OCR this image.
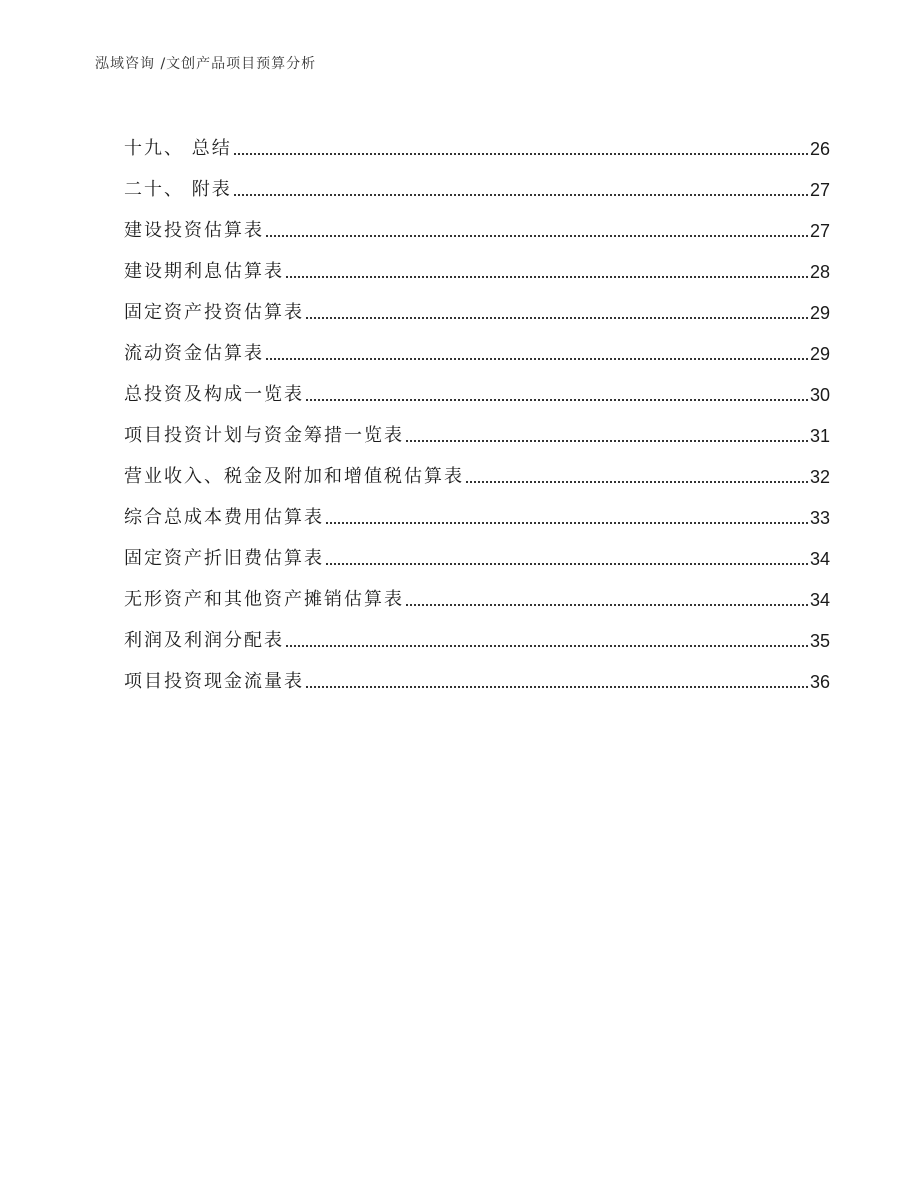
泓域咨询 /文创产品项目预算分析
十九、 总结	26
二十、 附表	27
建设投资估算表	27
建设期利息估算表	28
固定资产投资估算表	29
流动资金估算表	29
总投资及构成一览表	30
项目投资计划与资金筹措一览表	31
营业收入、税金及附加和增值税估算表	32
综合总成本费用估算表	33
固定资产折旧费估算表	34
无形资产和其他资产摊销估算表	34
利润及利润分配表	35
项目投资现金流量表	36
